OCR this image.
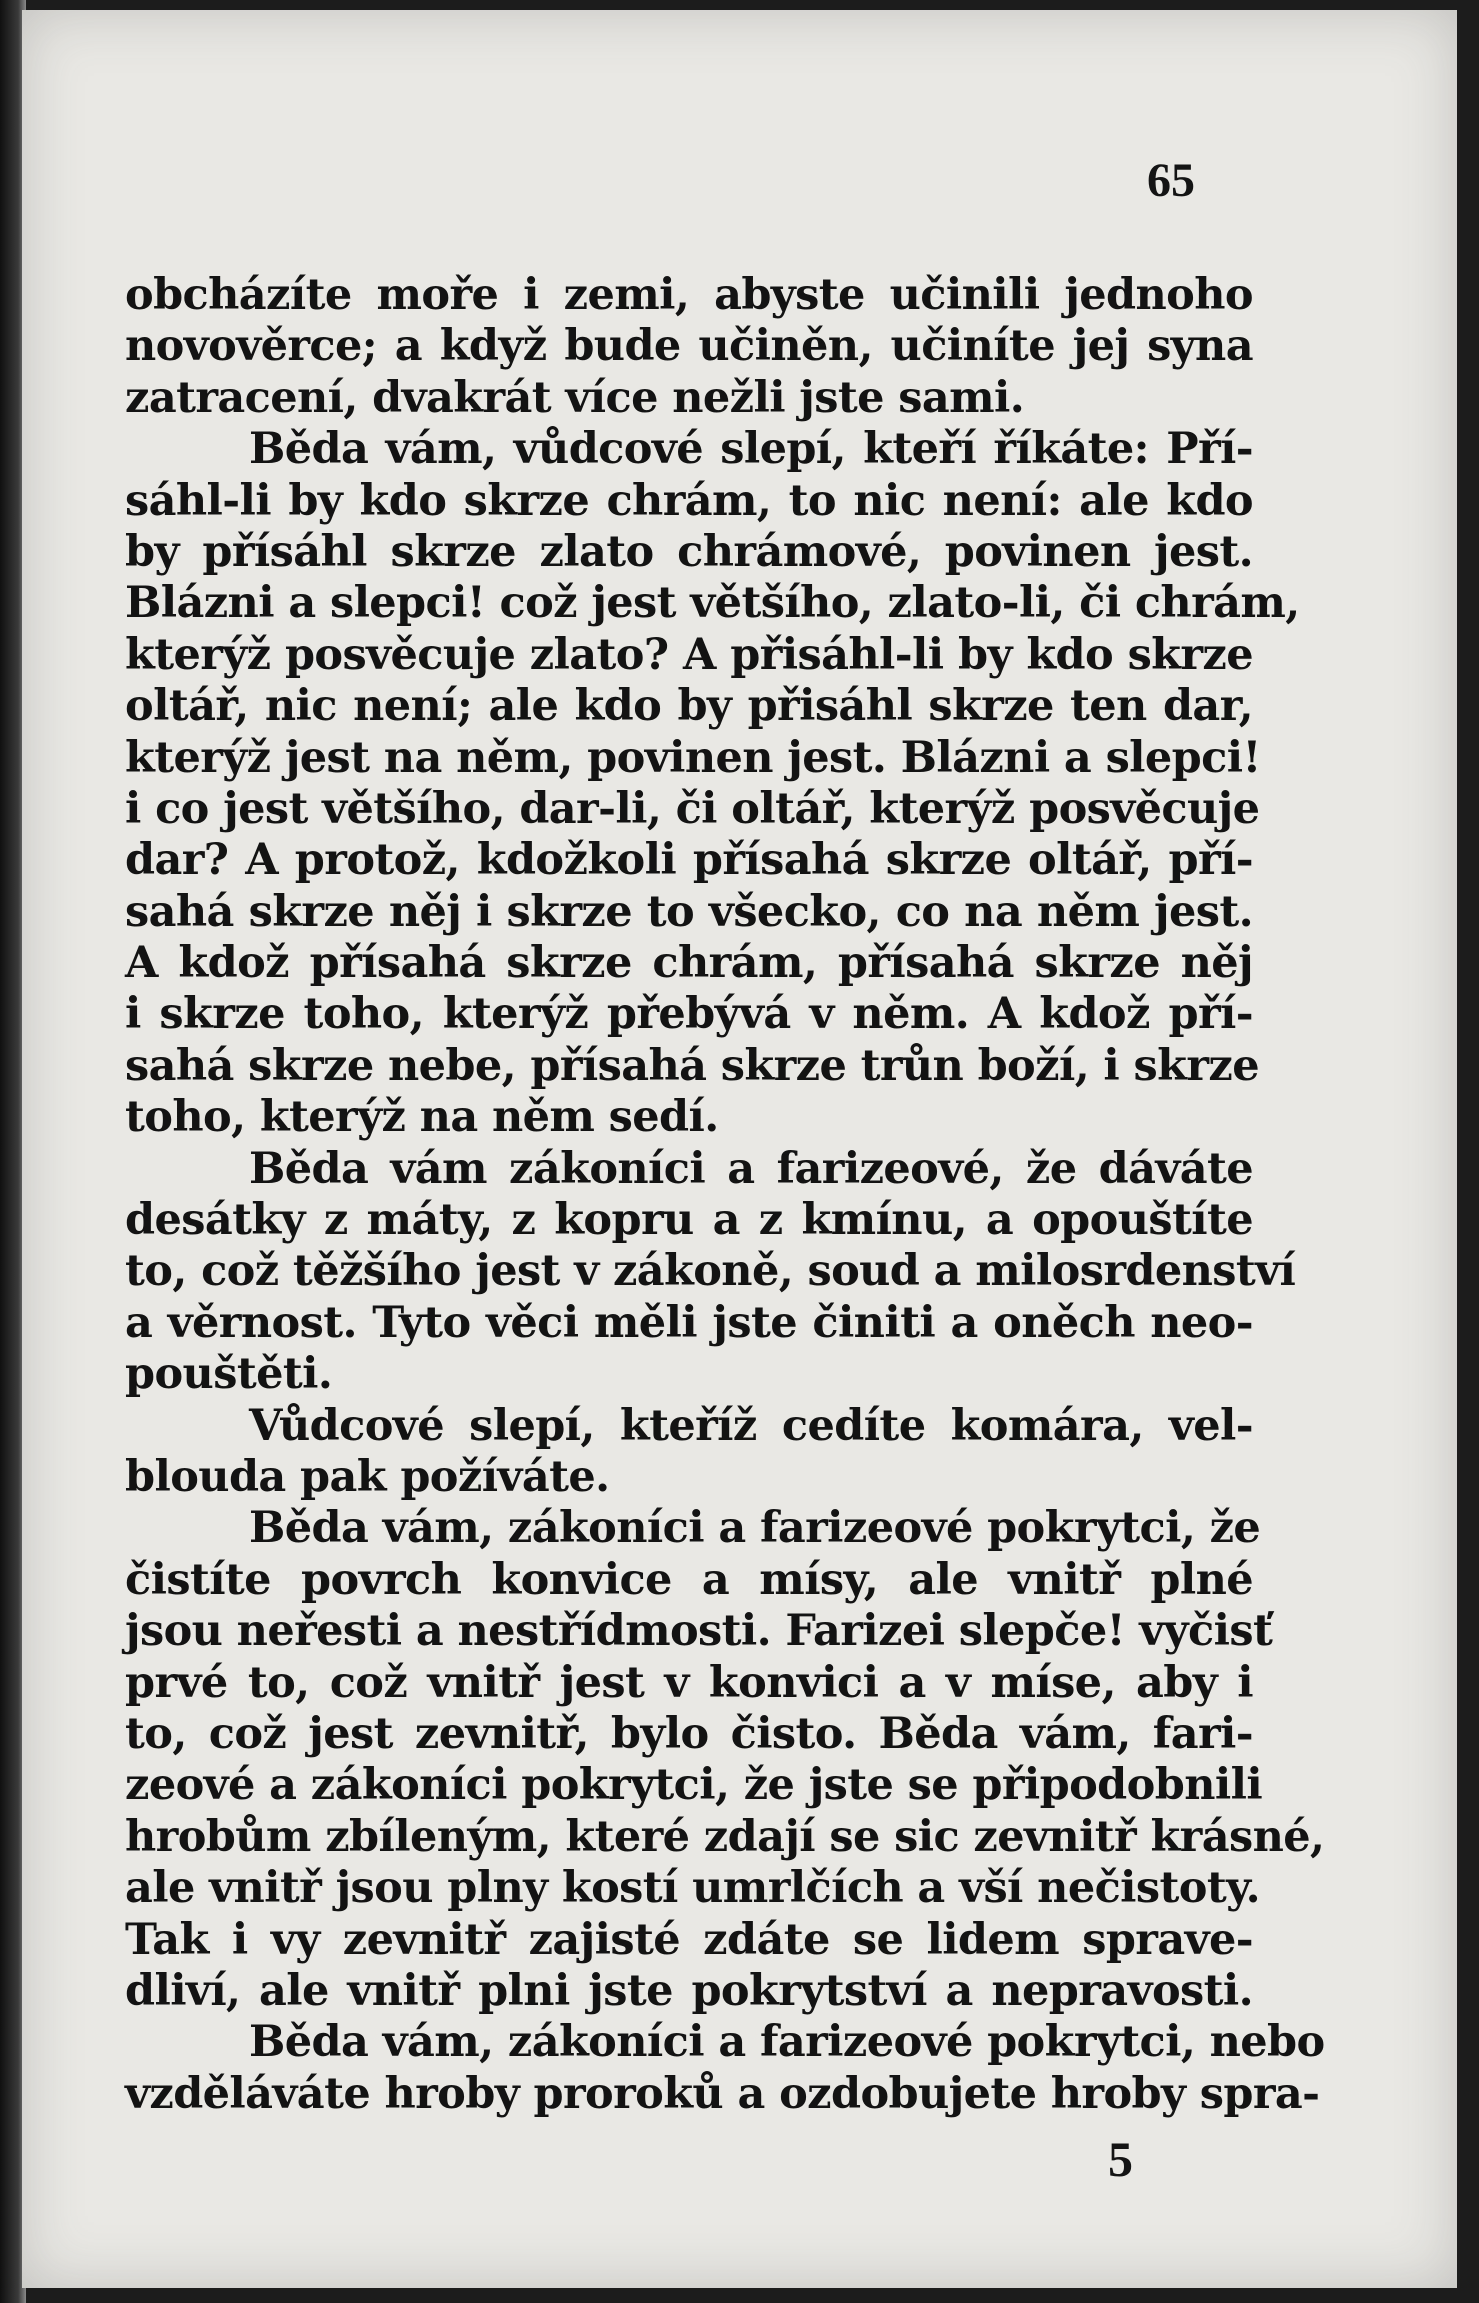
65

obcházíte moře i zemi, abyste učinili jednoho
novověrce; a když bude učiněn, učiníte jej syna
zatracení, dvakrát více nežli jste sami.
Běda vám, vůdcové slepí, kteří říkáte: Pří-
sáhl-li by kdo skrze chrám, to nic není: ale kdo
by přísáhl skrze zlato chrámové, povinen jest.
Blázni a slepci! což jest většího, zlato-li, či chrám,
kterýž posvěcuje zlato? A přisáhl-li by kdo skrze
oltář, nic není; ale kdo by přisáhl skrze ten dar,
kterýž jest na něm, povinen jest. Blázni a slepci!
i co jest většího, dar-li, či oltář, kterýž posvěcuje
dar? A protož, kdožkoli přísahá skrze oltář, pří-
sahá skrze něj i skrze to všecko, co na něm jest.
A kdož přísahá skrze chrám, přísahá skrze něj
i skrze toho, kterýž přebývá v něm. A kdož pří-
sahá skrze nebe, přísahá skrze trůn boží, i skrze
toho, kterýž na něm sedí.
Běda vám zákoníci a farizeové, že dáváte
desátky z máty, z kopru a z kmínu, a opouštíte
to, což těžšího jest v zákoně, soud a milosrdenství
a věrnost. Tyto věci měli jste činiti a oněch neo-
pouštěti.
Vůdcové slepí, kteříž cedíte komára, vel-
blouda pak požíváte.
Běda vám, zákoníci a farizeové pokrytci, že
čistíte povrch konvice a mísy, ale vnitř plné
jsou neřesti a nestřídmosti. Farizei slepče! vyčisť
prvé to, což vnitř jest v konvici a v míse, aby i
to, což jest zevnitř, bylo čisto. Běda vám, fari-
zeové a zákoníci pokrytci, že jste se připodobnili
hrobům zbíleným, které zdají se sic zevnitř krásné,
ale vnitř jsou plny kostí umrlčích a vší nečistoty.
Tak i vy zevnitř zajisté zdáte se lidem sprave-
dliví, ale vnitř plni jste pokrytství a nepravosti.
Běda vám, zákoníci a farizeové pokrytci, nebo
vzděláváte hroby proroků a ozdobujete hroby spra-

5
